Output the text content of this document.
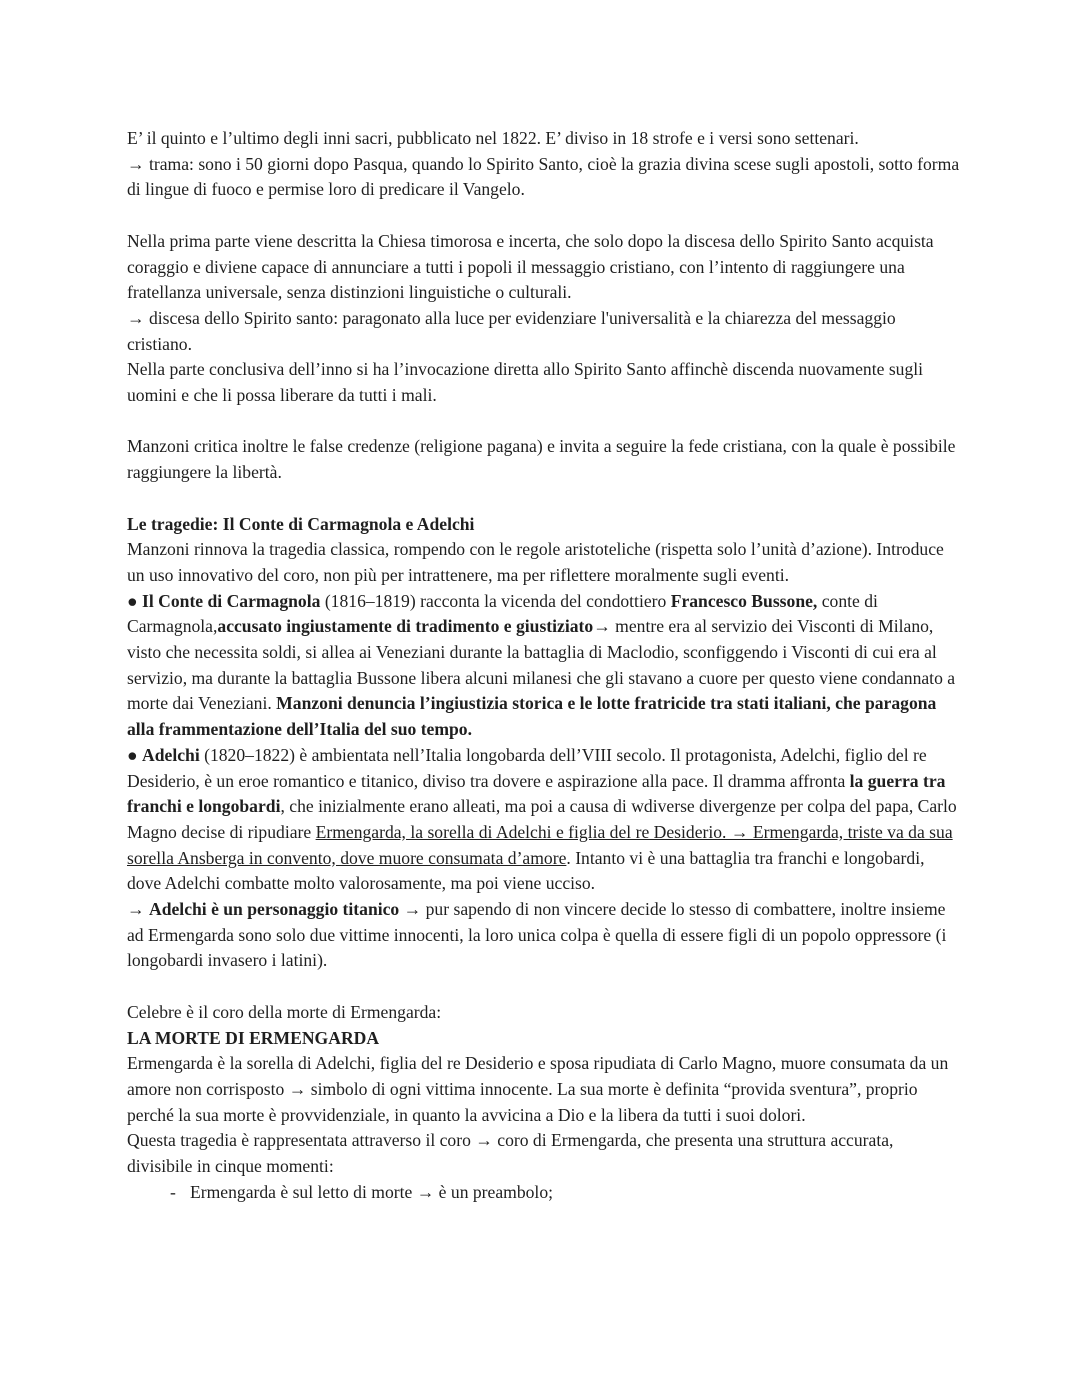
E’ il quinto e l’ultimo degli inni sacri, pubblicato nel 1822. E’ diviso in 18 strofe e i versi sono settenari.

→ trama: sono i 50 giorni dopo Pasqua, quando lo Spirito Santo, cioè la grazia divina scese sugli apostoli, sotto forma di lingue di fuoco e permise loro di predicare il Vangelo.

Nella prima parte viene descritta la Chiesa timorosa e incerta, che solo dopo la discesa dello Spirito Santo acquista coraggio e diviene capace di annunciare a tutti i popoli il messaggio cristiano, con l’intento di raggiungere una fratellanza universale, senza distinzioni linguistiche o culturali.

→ discesa dello Spirito santo: paragonato alla luce per evidenziare l'universalità e la chiarezza del messaggio cristiano.

Nella parte conclusiva dell’inno si ha l’invocazione diretta allo Spirito Santo affinchè discenda nuovamente sugli uomini e che li possa liberare da tutti i mali.

Manzoni critica inoltre le false credenze (religione pagana) e invita a seguire la fede cristiana, con la quale è possibile raggiungere la libertà.

Le tragedie: Il Conte di Carmagnola e Adelchi

Manzoni rinnova la tragedia classica, rompendo con le regole aristoteliche (rispetta solo l’unità d’azione). Introduce un uso innovativo del coro, non più per intrattenere, ma per riflettere moralmente sugli eventi.

● Il Conte di Carmagnola (1816–1819) racconta la vicenda del condottiero Francesco Bussone, conte di Carmagnola,accusato ingiustamente di tradimento e giustiziato→ mentre era al servizio dei Visconti di Milano, visto che necessita soldi, si allea ai Veneziani durante la battaglia di Maclodio, sconfiggendo i Visconti di cui era al servizio, ma durante la battaglia Bussone libera alcuni milanesi che gli stavano a cuore per questo viene condannato a morte dai Veneziani. Manzoni denuncia l’ingiustizia storica e le lotte fratricide tra stati italiani, che paragona alla frammentazione dell’Italia del suo tempo.

● Adelchi (1820–1822) è ambientata nell’Italia longobarda dell’VIII secolo. Il protagonista, Adelchi, figlio del re Desiderio, è un eroe romantico e titanico, diviso tra dovere e aspirazione alla pace. Il dramma affronta la guerra tra franchi e longobardi, che inizialmente erano alleati, ma poi a causa di wdiverse divergenze per colpa del papa, Carlo Magno decise di ripudiare Ermengarda, la sorella di Adelchi e figlia del re Desiderio. → Ermengarda, triste va da sua sorella Ansberga in convento, dove muore consumata d’amore. Intanto vi è una battaglia tra franchi e longobardi, dove Adelchi combatte molto valorosamente, ma poi viene ucciso.

→ Adelchi è un personaggio titanico → pur sapendo di non vincere decide lo stesso di combattere, inoltre insieme ad Ermengarda sono solo due vittime innocenti, la loro unica colpa è quella di essere figli di un popolo oppressore (i longobardi invasero i latini).

Celebre è il coro della morte di Ermengarda:

LA MORTE DI ERMENGARDA

Ermengarda è la sorella di Adelchi, figlia del re Desiderio e sposa ripudiata di Carlo Magno, muore consumata da un amore non corrisposto → simbolo di ogni vittima innocente. La sua morte è definita “provida sventura”, proprio perché la sua morte è provvidenziale, in quanto la avvicina a Dio e la libera da tutti i suoi dolori.

Questa tragedia è rappresentata attraverso il coro → coro di Ermengarda, che presenta una struttura accurata, divisibile in cinque momenti:

- Ermengarda è sul letto di morte → è un preambolo;
